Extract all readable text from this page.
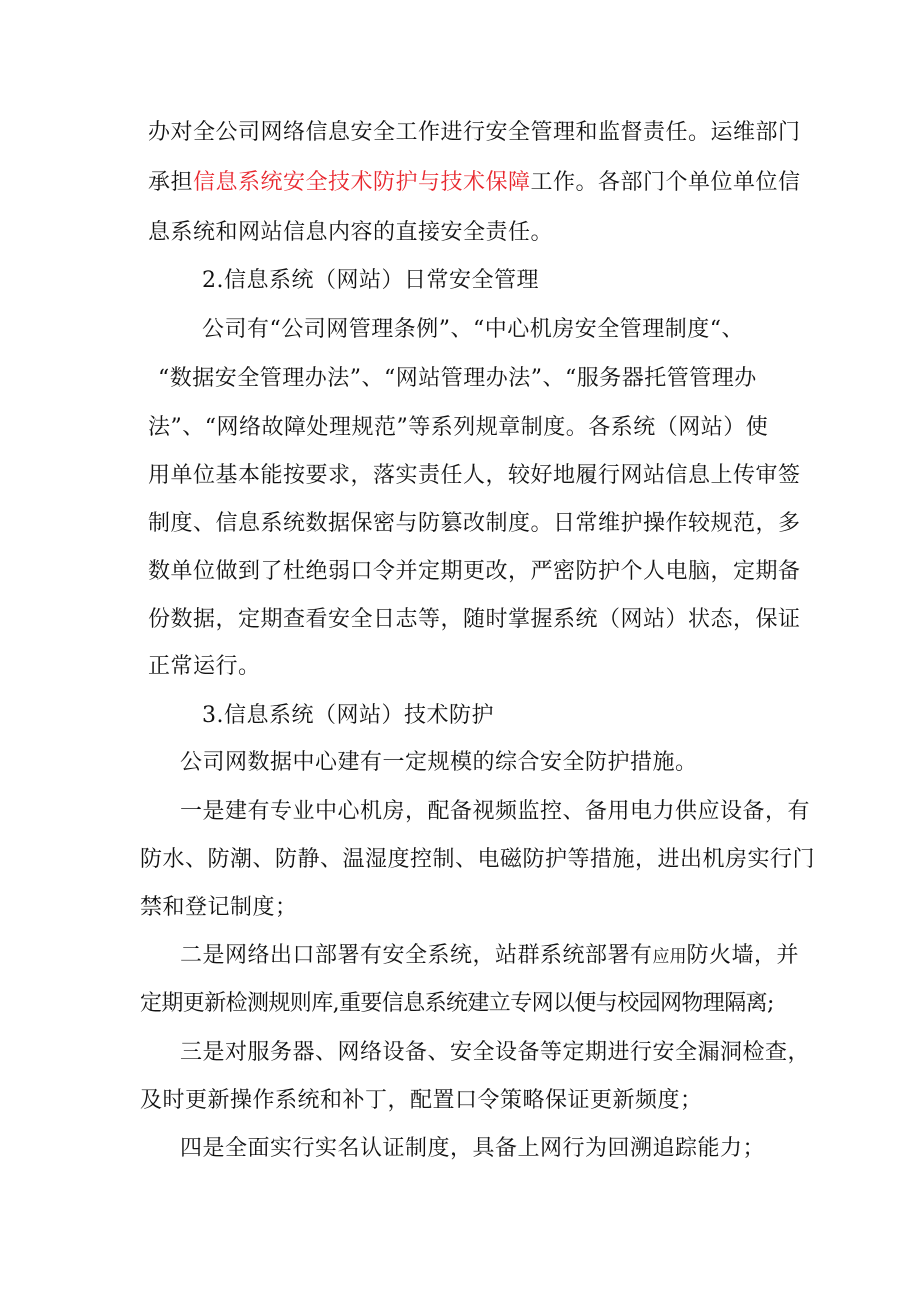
办对全公司网络信息安全工作进行安全管理和监督责任。运维部门
承担信息系统安全技术防护与技术保障工作。各部门个单位单位信
息系统和网站信息内容的直接安全责任。
2.信息系统（网站）日常安全管理
公司有“公司网管理条例”、“中心机房安全管理制度“、
“数据安全管理办法”、“网站管理办法”、“服务器托管管理办
法”、“网络故障处理规范”等系列规章制度。各系统（网站）使
用单位基本能按要求，落实责任人，较好地履行网站信息上传审签
制度、信息系统数据保密与防篡改制度。日常维护操作较规范，多
数单位做到了杜绝弱口令并定期更改，严密防护个人电脑，定期备
份数据，定期查看安全日志等，随时掌握系统（网站）状态，保证
正常运行。
3.信息系统（网站）技术防护
公司网数据中心建有一定规模的综合安全防护措施。
一是建有专业中心机房，配备视频监控、备用电力供应设备，有
防水、防潮、防静、温湿度控制、电磁防护等措施，进出机房实行门
禁和登记制度；
二是网络出口部署有安全系统，站群系统部署有应用防火墙，并
定期更新检测规则库,重要信息系统建立专网以便与校园网物理隔离;
三是对服务器、网络设备、安全设备等定期进行安全漏洞检查，
及时更新操作系统和补丁，配置口令策略保证更新频度；
四是全面实行实名认证制度，具备上网行为回溯追踪能力；
